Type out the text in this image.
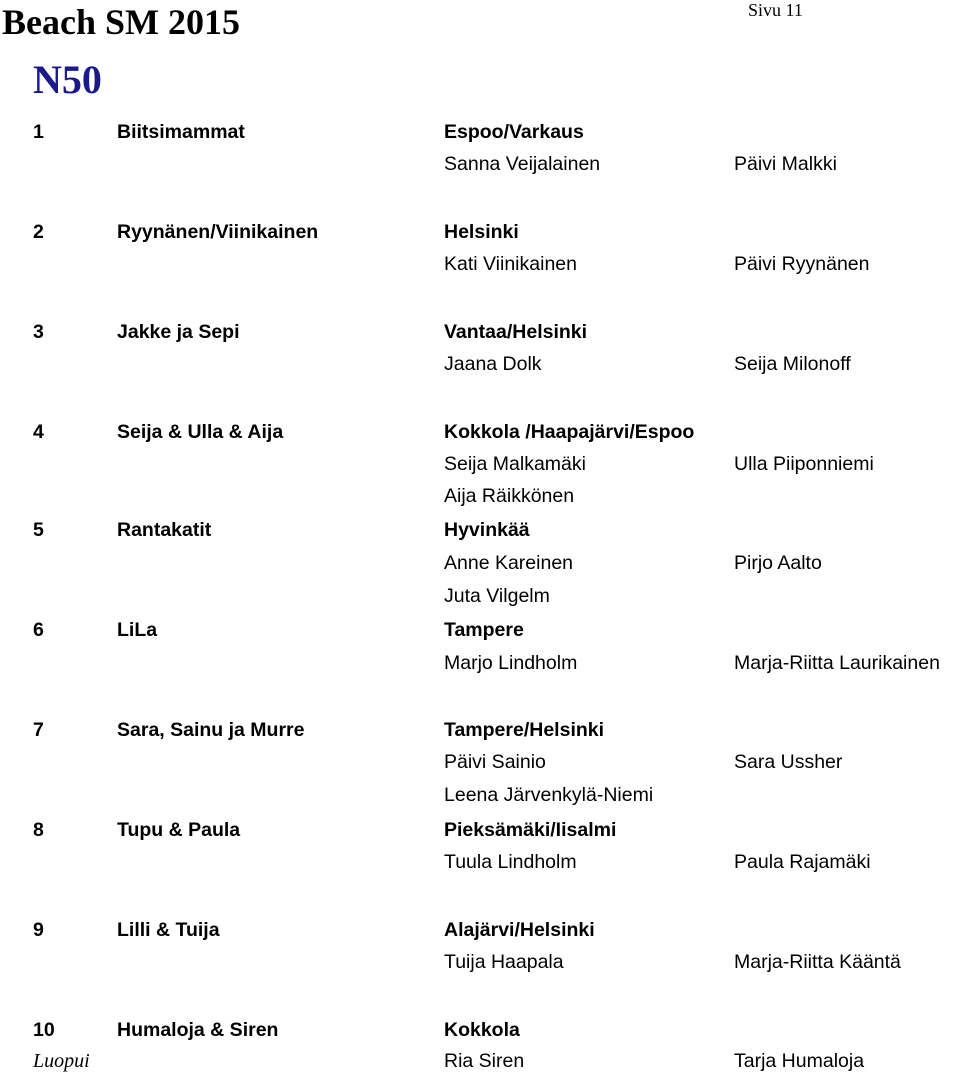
Beach SM 2015	Sivu 11
N50
1	Biitsimammat	Espoo/Varkaus
Sanna Veijalainen	Päivi Malkki
2	Ryynänen/Viinikainen	Helsinki
Kati Viinikainen	Päivi Ryynänen
3	Jakke ja Sepi	Vantaa/Helsinki
Jaana Dolk	Seija Milonoff
4	Seija & Ulla & Aija	Kokkola /Haapajärvi/Espoo
Seija Malkamäki	Ulla Piiponniemi
Aija Räikkönen
5	Rantakatit	Hyvinkää
Anne Kareinen	Pirjo Aalto
Juta Vilgelm
6	LiLa	Tampere
Marjo Lindholm	Marja-Riitta Laurikainen
7	Sara, Sainu ja Murre	Tampere/Helsinki
Päivi Sainio	Sara Ussher
Leena Järvenkylä-Niemi
8	Tupu & Paula	Pieksämäki/Iisalmi
Tuula Lindholm	Paula Rajamäki
9	Lilli & Tuija	Alajärvi/Helsinki
Tuija Haapala	Marja-Riitta Kääntä
10	Humaloja & Siren	Kokkola
Luopui	Ria Siren	Tarja Humaloja
